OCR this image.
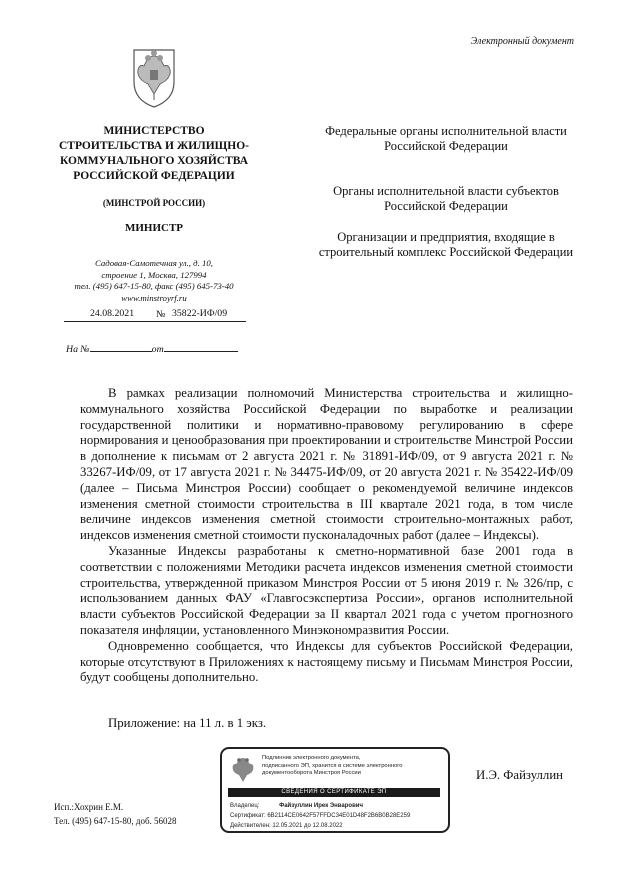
Электронный документ
МИНИСТЕРСТВО
СТРОИТЕЛЬСТВА И ЖИЛИЩНО-
КОММУНАЛЬНОГО ХОЗЯЙСТВА
РОССИЙСКОЙ ФЕДЕРАЦИИ
(МИНСТРОЙ РОССИИ)
МИНИСТР
Садовая-Самотечная ул., д. 10,
строение 1, Москва, 127994
тел. (495) 647-15-80, факс (495) 645-73-40
www.minstroyrf.ru
24.08.2021 № 35822-ИФ/09
На №	от
Федеральные органы исполнительной власти Российской Федерации
Органы исполнительной власти субъектов Российской Федерации
Организации и предприятия, входящие в строительный комплекс Российской Федерации

В рамках реализации полномочий Министерства строительства и жилищно-коммунального хозяйства Российской Федерации по выработке и реализации государственной политики и нормативно-правовому регулированию в сфере нормирования и ценообразования при проектировании и строительстве Минстрой России в дополнение к письмам от 2 августа 2021 г. № 31891-ИФ/09, от 9 августа 2021 г. № 33267-ИФ/09, от 17 августа 2021 г. № 34475-ИФ/09, от 20 августа 2021 г. № 35422-ИФ/09 (далее – Письма Минстроя России) сообщает о рекомендуемой величине индексов изменения сметной стоимости строительства в III квартале 2021 года, в том числе величине индексов изменения сметной стоимости строительно-монтажных работ, индексов изменения сметной стоимости пусконаладочных работ (далее – Индексы).

Указанные Индексы разработаны к сметно-нормативной базе 2001 года в соответствии с положениями Методики расчета индексов изменения сметной стоимости строительства, утвержденной приказом Минстроя России от 5 июня 2019 г. № 326/пр, с использованием данных ФАУ «Главгосэкспертиза России», органов исполнительной власти субъектов Российской Федерации за II квартал 2021 года с учетом прогнозного показателя инфляции, установленного Минэкономразвития России.

Одновременно сообщается, что Индексы для субъектов Российской Федерации, которые отсутствуют в Приложениях к настоящему письму и Письмам Минстроя России, будут сообщены дополнительно.

Приложение: на 11 л. в 1 экз.
Подлинник электронного документа,
подписанного ЭП, хранится в системе электронного
документооборота Минстроя России
СВЕДЕНИЯ О СЕРТИФИКАТЕ ЭП
Владелец:	Файзуллин Ирек Энварович
Сертификат: 6B2114CE0642F57FFDC34E01D48F2B6B0B28E259
Действителен: 12.05.2021 до 12.08.2022
И.Э. Файзуллин
Исп.:Хохрин Е.М.
Тел. (495) 647-15-80, доб. 56028
